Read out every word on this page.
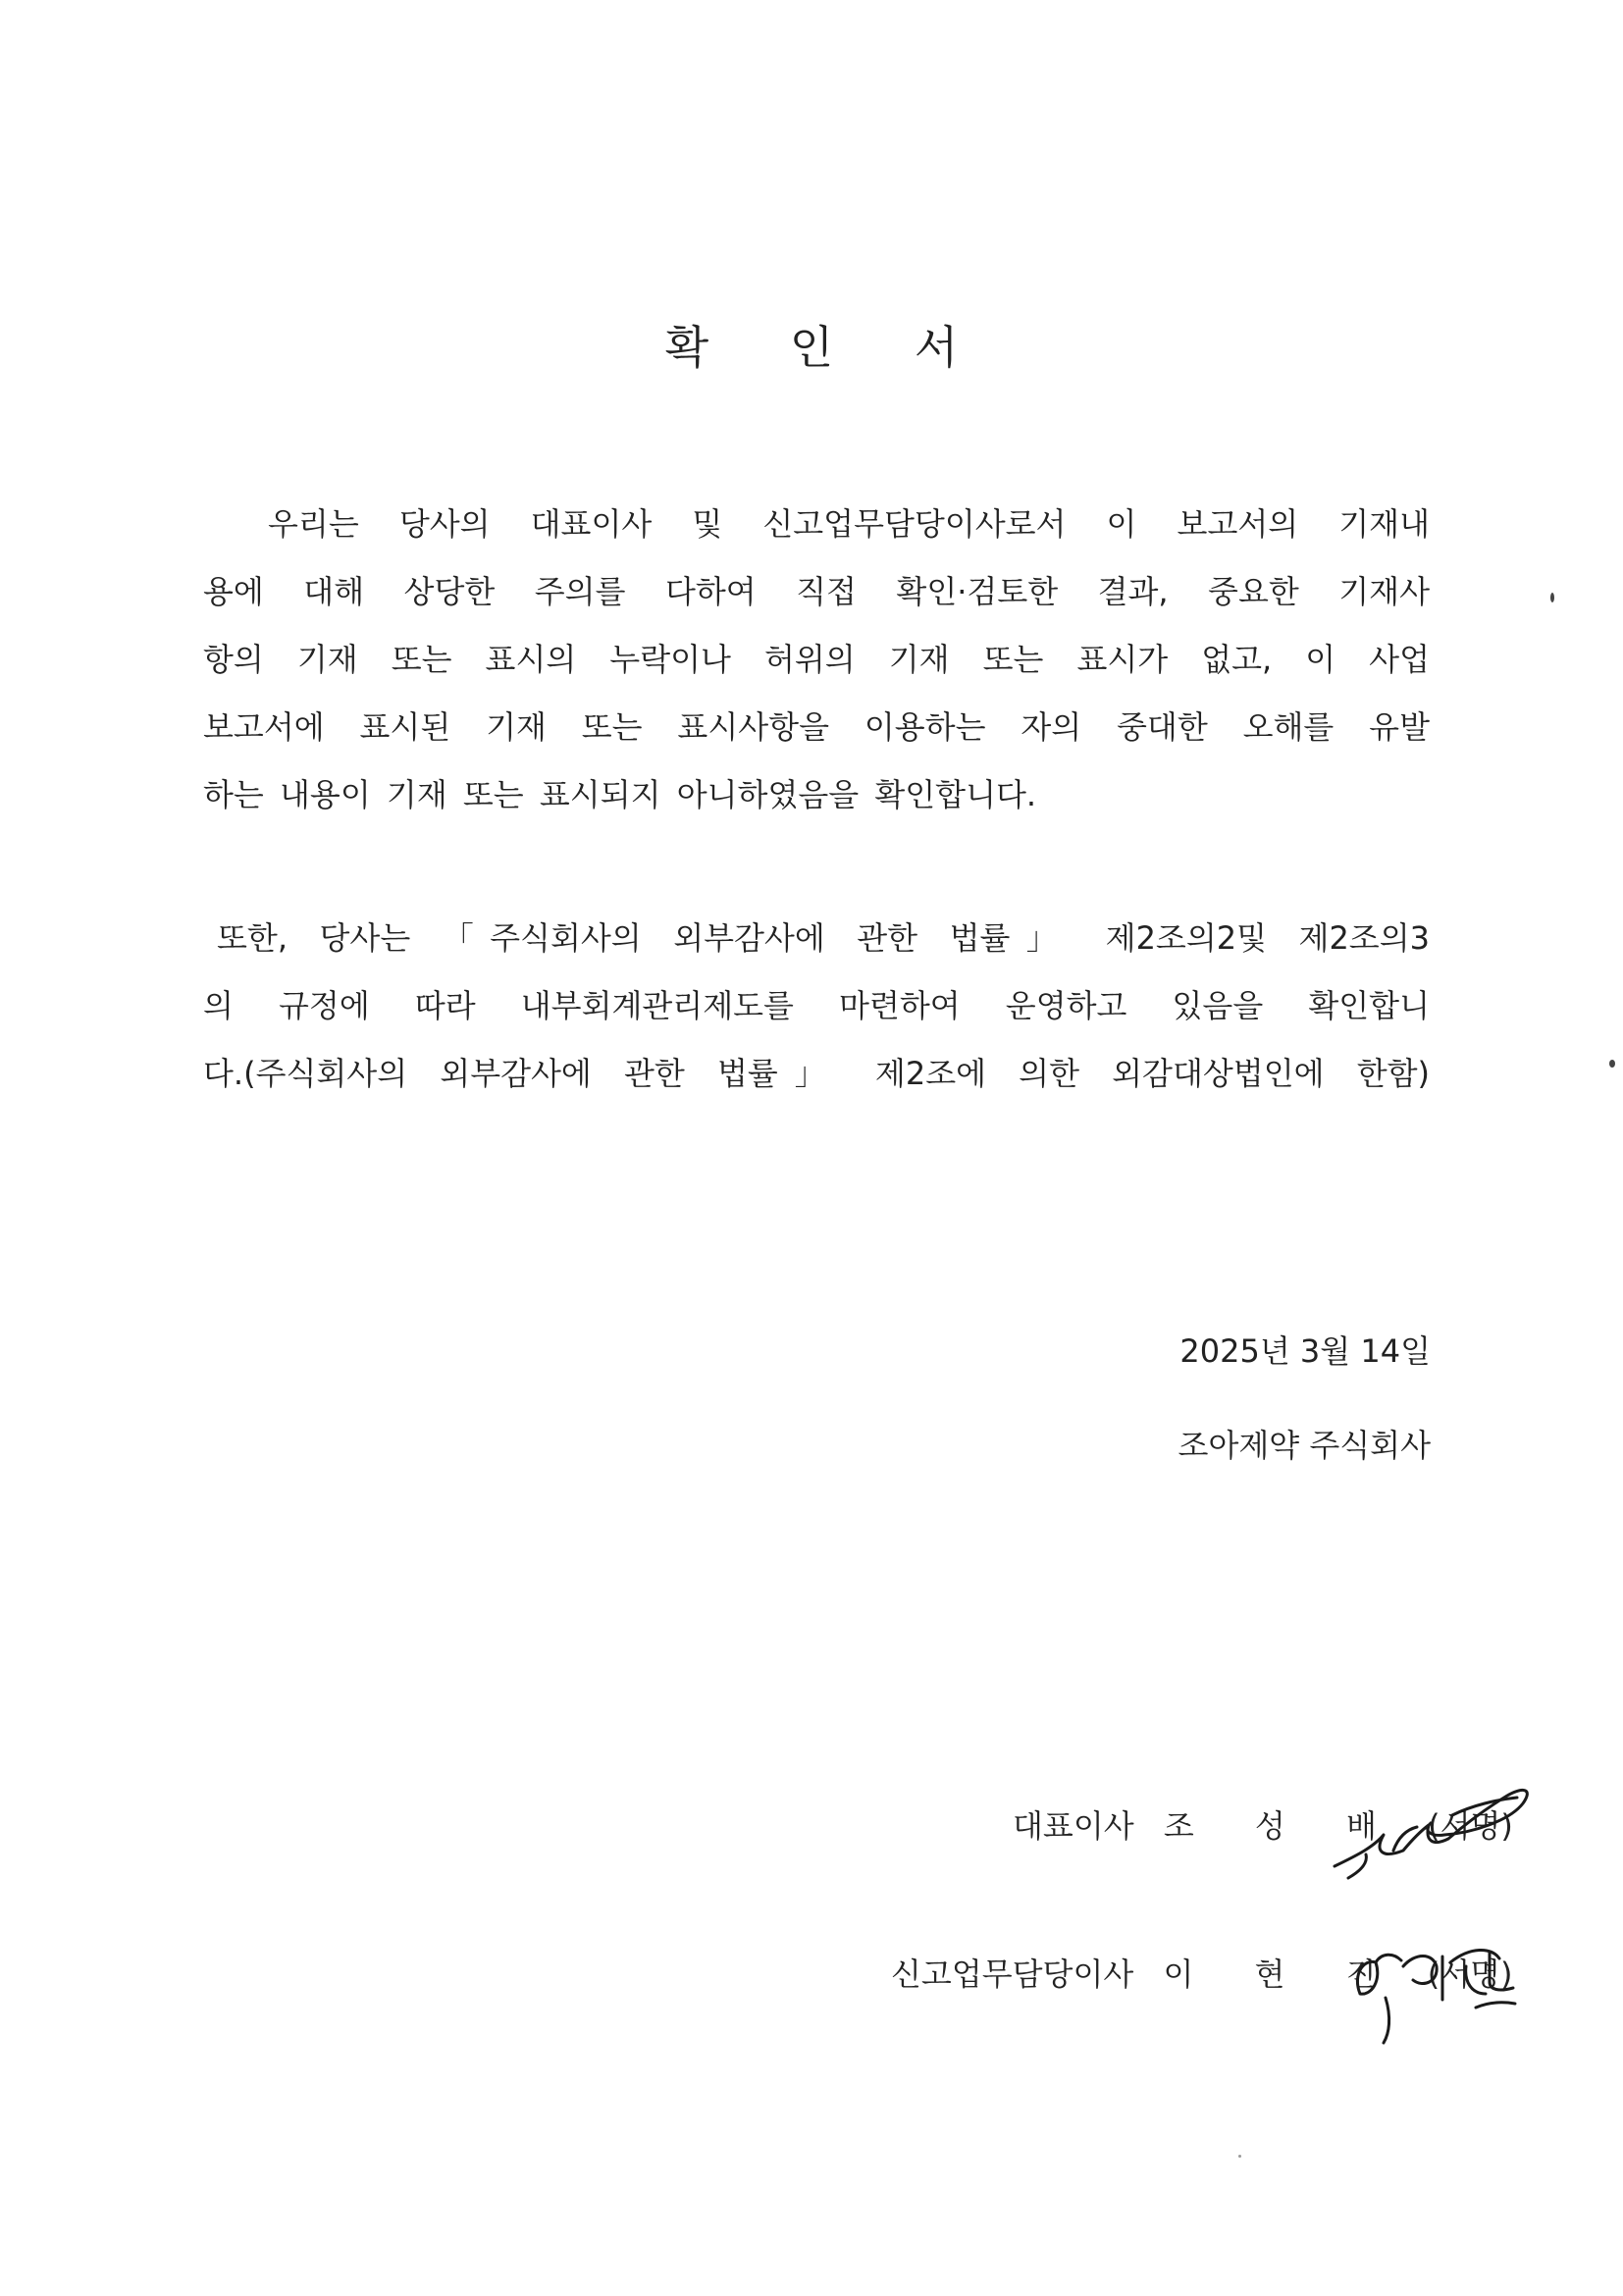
확 인 서
우리는 당사의 대표이사 및 신고업무담당이사로서 이 보고서의 기재내
용에 대해 상당한 주의를 다하여 직접 확인·검토한 결과, 중요한 기재사
항의 기재 또는 표시의 누락이나 허위의 기재 또는 표시가 없고, 이 사업
보고서에 표시된 기재 또는 표시사항을 이용하는 자의 중대한 오해를 유발
하는 내용이 기재 또는 표시되지 아니하였음을 확인합니다.
또한, 당사는 「주식회사의 외부감사에 관한 법률」 제2조의2및 제2조의3
의 규정에 따라 내부회계관리제도를 마련하여 운영하고 있음을 확인합니
다.(주식회사의 외부감사에 관한 법률」 제2조에 의한 외감대상법인에 한함)
2025년 3월 14일
조아제약 주식회사
대표이사 조 성 배 (서명)
신고업무담당이사 이 현 진 (서명)
